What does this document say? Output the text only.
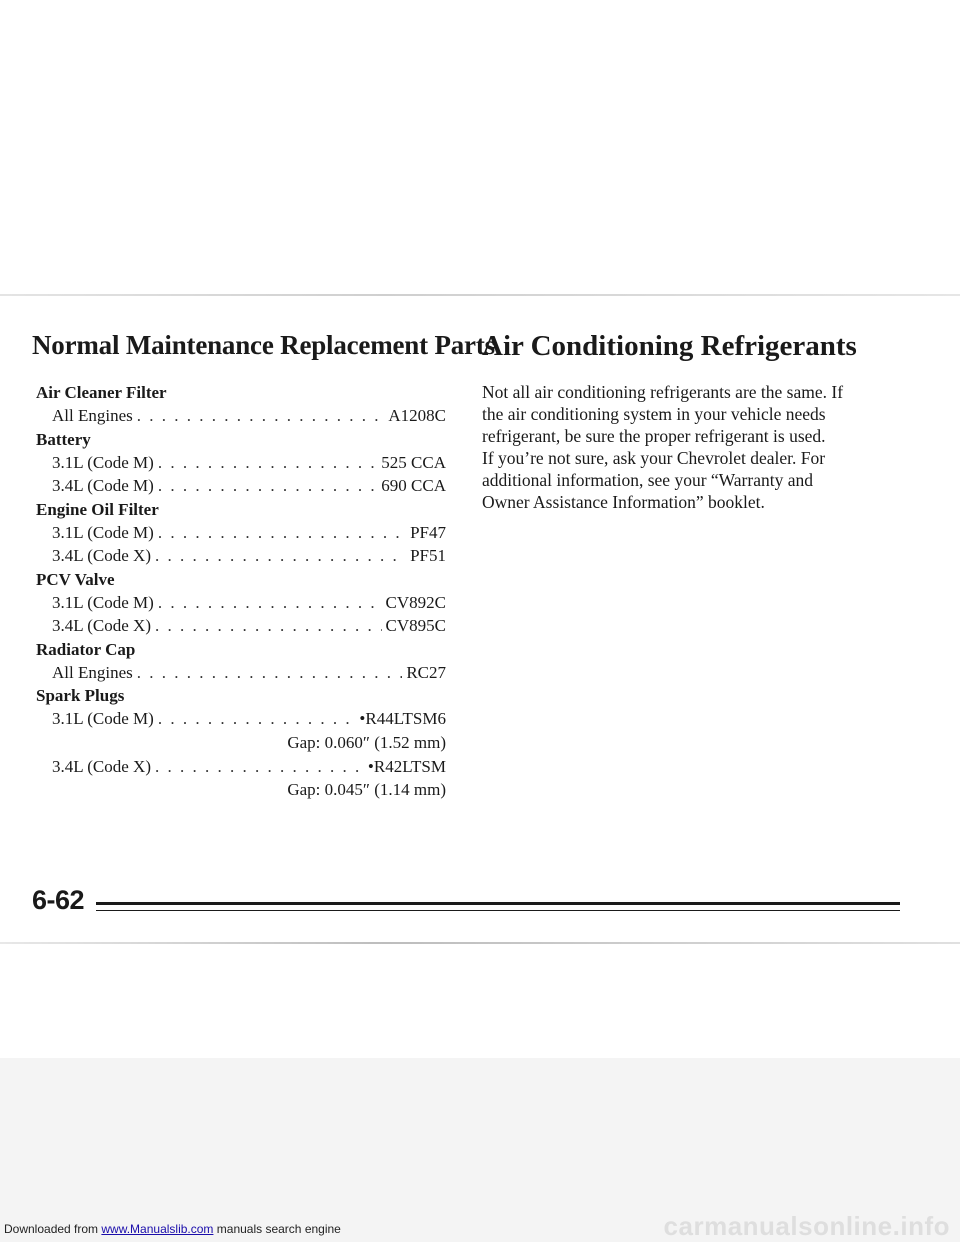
Normal Maintenance Replacement Parts
Air Cleaner Filter
All Engines . . .	A1208C
Battery
3.1L (Code M) . . .	525 CCA
3.4L (Code M) . . .	690 CCA
Engine Oil Filter
3.1L (Code M) . . .	PF47
3.4L (Code X) . . .	PF51
PCV Valve
3.1L (Code M) . . .	CV892C
3.4L (Code X) . . .	CV895C
Radiator Cap
All Engines . . .	RC27
Spark Plugs
3.1L (Code M) . . .	•R44LTSM6
Gap: 0.060″ (1.52 mm)
3.4L (Code X) . . .	•R42LTSM
Gap: 0.045″ (1.14 mm)
Air Conditioning Refrigerants

Not all air conditioning refrigerants are the same. If
the air conditioning system in your vehicle needs
refrigerant, be sure the proper refrigerant is used.
If you’re not sure, ask your Chevrolet dealer. For
additional information, see your “Warranty and
Owner Assistance Information” booklet.

6-62
Downloaded from www.Manualslib.com manuals search engine	carmanualsonline.info
